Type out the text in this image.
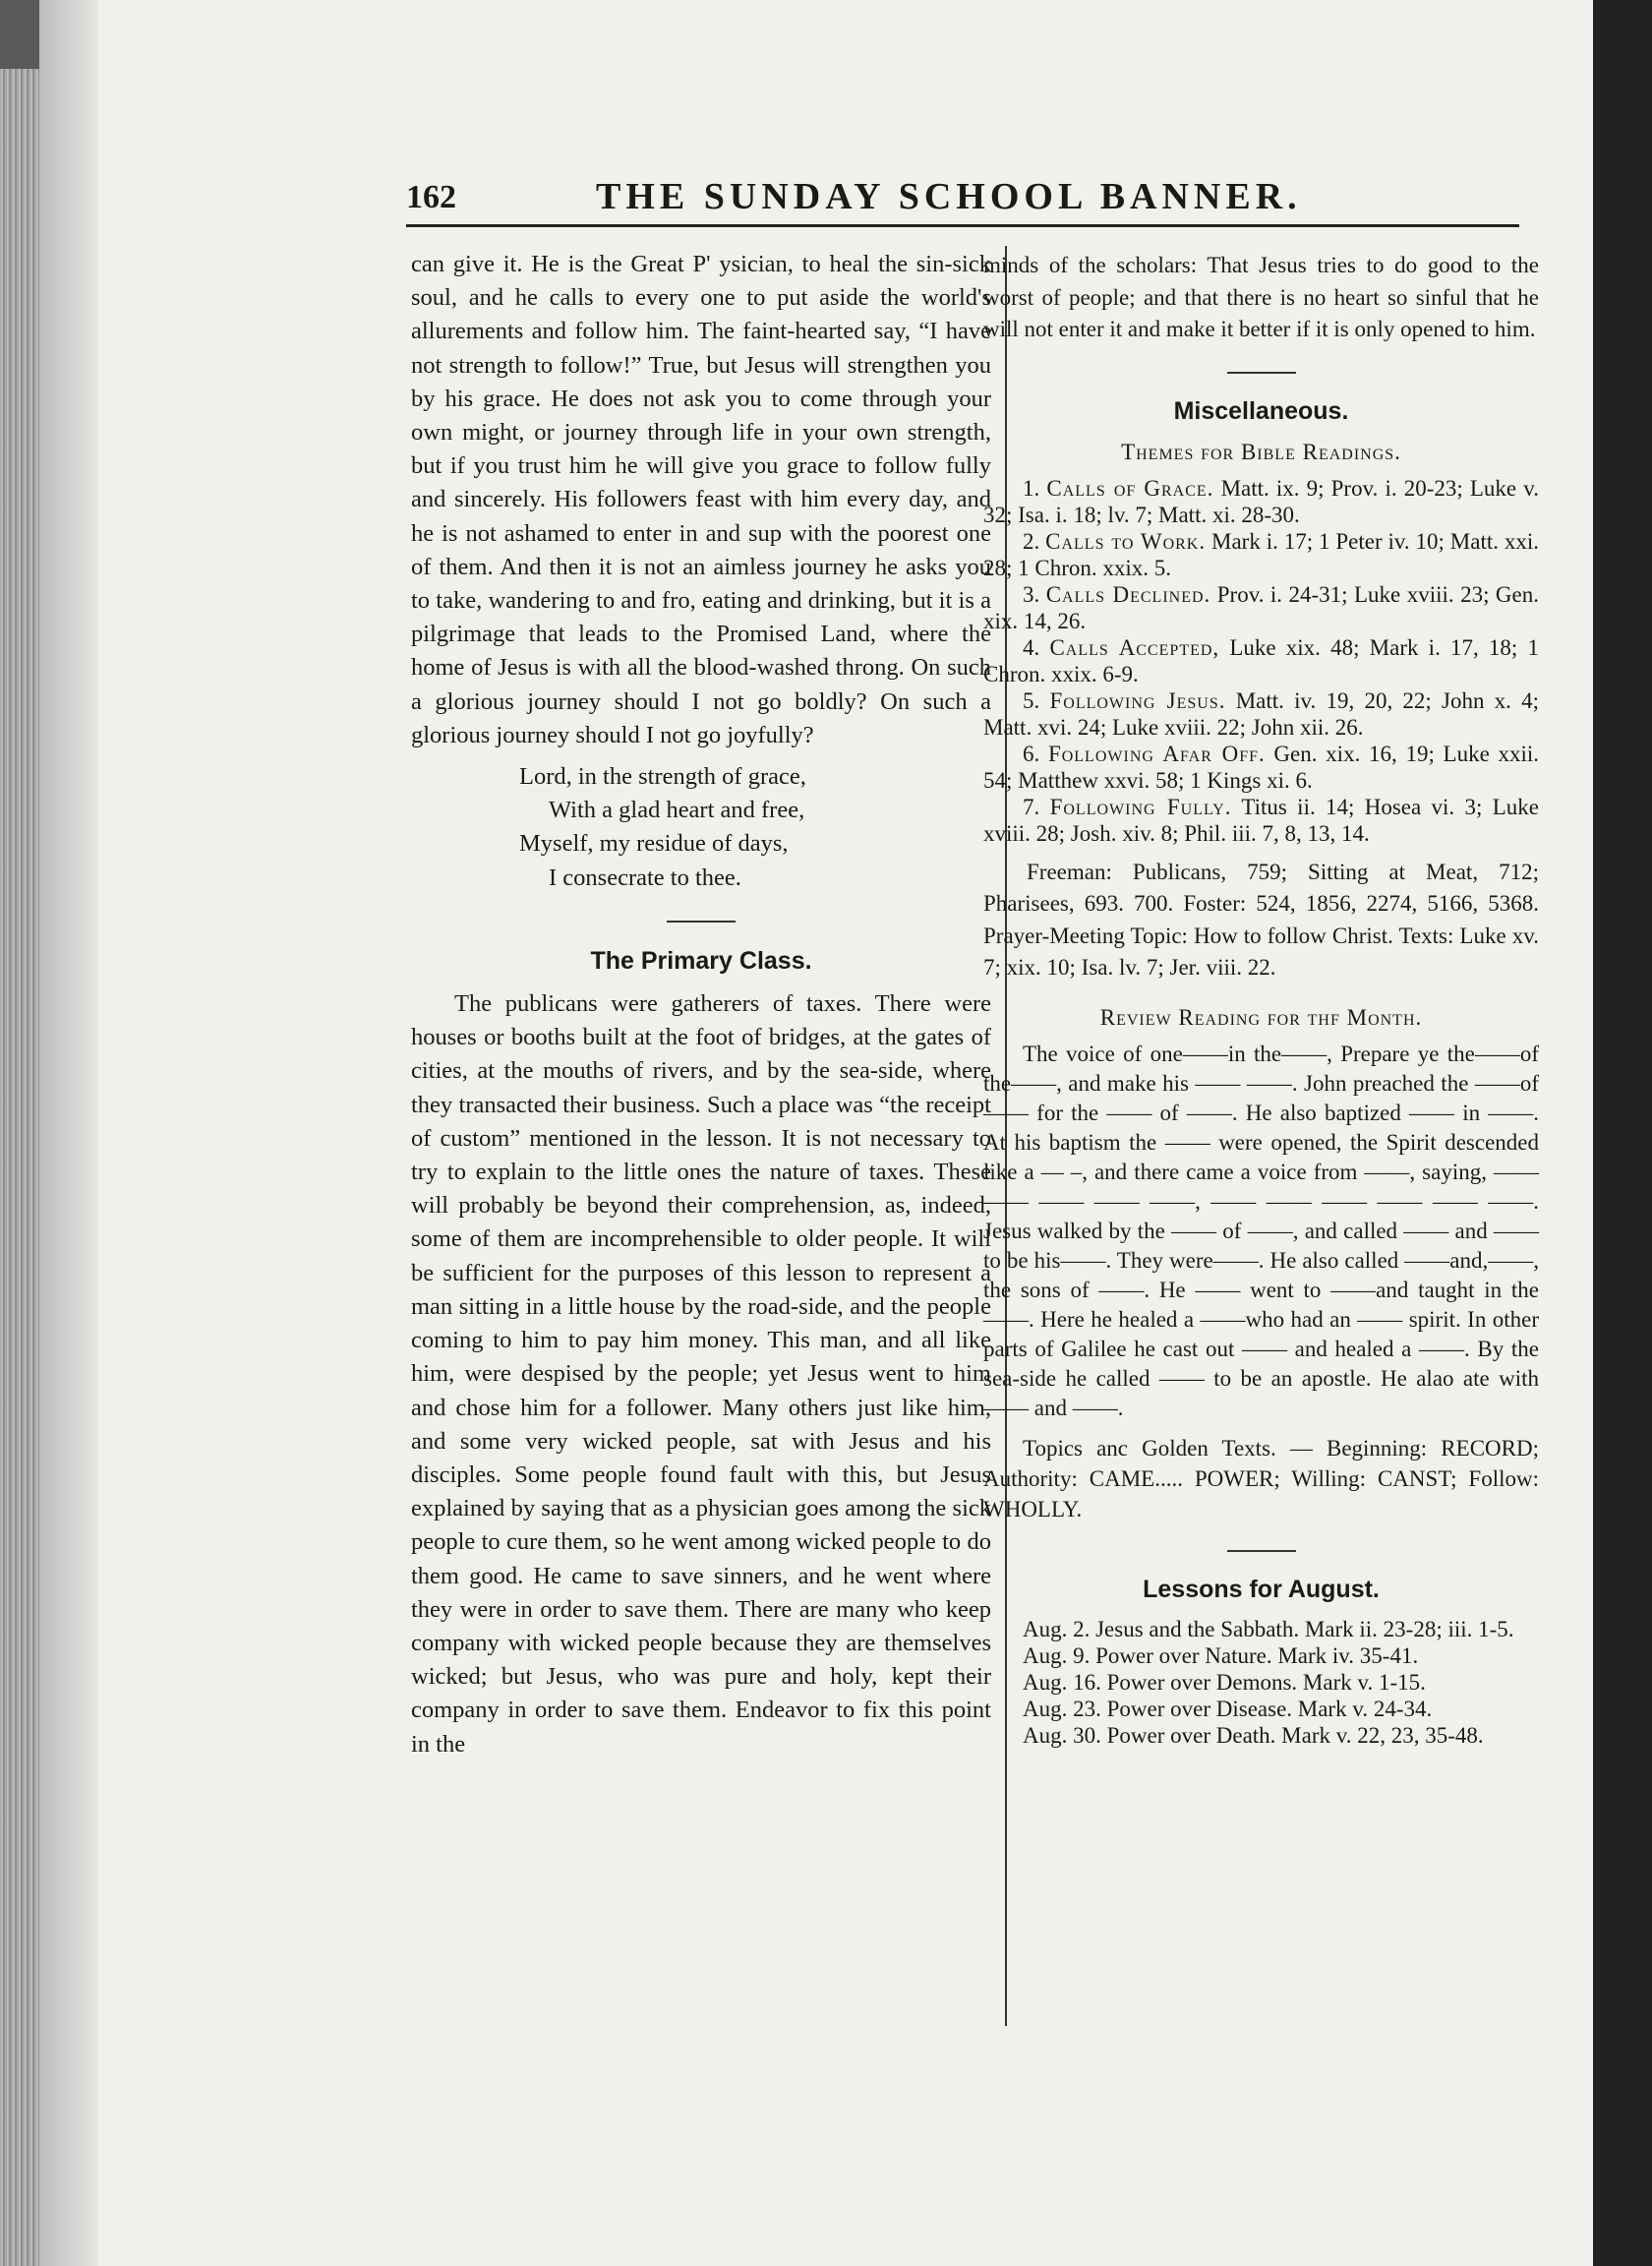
162	THE SUNDAY SCHOOL BANNER.

can give it. He is the Great P' ysician, to heal the sin-sick soul, and he calls to every one to put aside the world's allurements and follow him. The faint-hearted say, “I have not strength to follow!” True, but Jesus will strengthen you by his grace. He does not ask you to come through your own might, or journey through life in your own strength, but if you trust him he will give you grace to follow fully and sincerely. His followers feast with him every day, and he is not ashamed to enter in and sup with the poorest one of them. And then it is not an aimless journey he asks you to take, wandering to and fro, eating and drinking, but it is a pilgrimage that leads to the Promised Land, where the home of Jesus is with all the blood-washed throng. On such a glorious journey should I not go boldly? On such a glorious journey should I not go joyfully?

Lord, in the strength of grace,
With a glad heart and free,
Myself, my residue of days,
I consecrate to thee.
The Primary Class.

The publicans were gatherers of taxes. There were houses or booths built at the foot of bridges, at the gates of cities, at the mouths of rivers, and by the sea-side, where they transacted their business. Such a place was “the receipt of custom” mentioned in the lesson. It is not necessary to try to explain to the little ones the nature of taxes. These will probably be beyond their comprehension, as, indeed, some of them are incomprehensible to older people. It will be sufficient for the purposes of this lesson to represent a man sitting in a little house by the road-side, and the people coming to him to pay him money. This man, and all like him, were despised by the people; yet Jesus went to him and chose him for a follower. Many others just like him, and some very wicked people, sat with Jesus and his disciples. Some people found fault with this, but Jesus explained by saying that as a physician goes among the sick people to cure them, so he went among wicked people to do them good. He came to save sinners, and he went where they were in order to save them. There are many who keep company with wicked people because they are themselves wicked; but Jesus, who was pure and holy, kept their company in order to save them. Endeavor to fix this point in the

minds of the scholars: That Jesus tries to do good to the worst of people; and that there is no heart so sinful that he will not enter it and make it better if it is only opened to him.

Miscellaneous.
Themes for Bible Readings.

1. Calls of Grace. Matt. ix. 9; Prov. i. 20-23; Luke v. 32; Isa. i. 18; lv. 7; Matt. xi. 28-30.

2. Calls to Work. Mark i. 17; 1 Peter iv. 10; Matt. xxi. 28; 1 Chron. xxix. 5.

3. Calls Declined. Prov. i. 24-31; Luke xviii. 23; Gen. xix. 14, 26.

4. Calls Accepted, Luke xix. 48; Mark i. 17, 18; 1 Chron. xxix. 6-9.

5. Following Jesus. Matt. iv. 19, 20, 22; John x. 4; Matt. xvi. 24; Luke xviii. 22; John xii. 26.

6. Following Afar Off. Gen. xix. 16, 19; Luke xxii. 54; Matthew xxvi. 58; 1 Kings xi. 6.

7. Following Fully. Titus ii. 14; Hosea vi. 3; Luke xviii. 28; Josh. xiv. 8; Phil. iii. 7, 8, 13, 14.

Freeman: Publicans, 759; Sitting at Meat, 712; Pharisees, 693. 700. Foster: 524, 1856, 2274, 5166, 5368. Prayer-Meeting Topic: How to follow Christ. Texts: Luke xv. 7; xix. 10; Isa. lv. 7; Jer. viii. 22.

Review Reading for thf Month.

The voice of one——in the——, Prepare ye the——of the——, and make his —— ——. John preached the ——of —— for the —— of ——. He also baptized —— in ——. At his baptism the —— were opened, the Spirit descended like a — –, and there came a voice from ——, saying, —— —— —— —— ——, —— —— —— —— —— ——. Jesus walked by the —— of ——, and called —— and —— to be his——. They were——. He also called ——and,——, the sons of ——. He —— went to ——and taught in the ——. Here he healed a ——who had an —— spirit. In other parts of Galilee he cast out —— and healed a ——. By the sea-side he called —— to be an apostle. He alao ate with —— and ——.

Topics anc Golden Texts. — Beginning: RECORD; Authority: CAME..... POWER; Willing: CANST; Follow: WHOLLY.

Lessons for August.

Aug. 2. Jesus and the Sabbath. Mark ii. 23-28; iii. 1-5.

Aug. 9. Power over Nature. Mark iv. 35-41.

Aug. 16. Power over Demons. Mark v. 1-15.

Aug. 23. Power over Disease. Mark v. 24-34.

Aug. 30. Power over Death. Mark v. 22, 23, 35-48.
